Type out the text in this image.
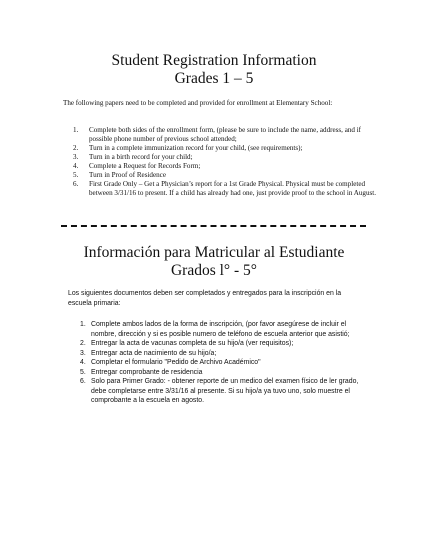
Student Registration Information
Grades 1 – 5
The following papers need to be completed and provided for enrollment at Elementary School:
1. Complete both sides of the enrollment form, (please be sure to include the name, address, and if possible phone number of previous school attended;
2. Turn in a complete immunization record for your child, (see requirements);
3. Turn in a birth record for your child;
4. Complete a Request for Records Form;
5. Turn in Proof of Residence
6. First Grade Only – Get a Physician’s report for a 1st Grade Physical. Physical must be completed between 3/31/16 to present. If a child has already had one, just provide proof to the school in August.
Información para Matricular al Estudiante
Grados l° - 5°
Los siguientes documentos deben ser completados y entregados para la inscripción en la escuela primaria:
1. Complete ambos lados de la forma de inscripción, (por favor asegúrese de incluir el nombre, dirección y si es posible numero de teléfono de escuela anterior que asistió;
2. Entregar la acta de vacunas completa de su hijo/a (ver requisitos);
3. Entregar acta de nacimiento de su hijo/a;
4. Completar el formulario "Pedido de Archivo Académico"
5. Entregar comprobante de residencia
6. Solo para Primer Grado: - obtener reporte de un medico del examen físico de ler grado, debe completarse entre 3/31/16 al presente. Si su hijo/a ya tuvo uno, solo muestre el comprobante a la escuela en agosto.
